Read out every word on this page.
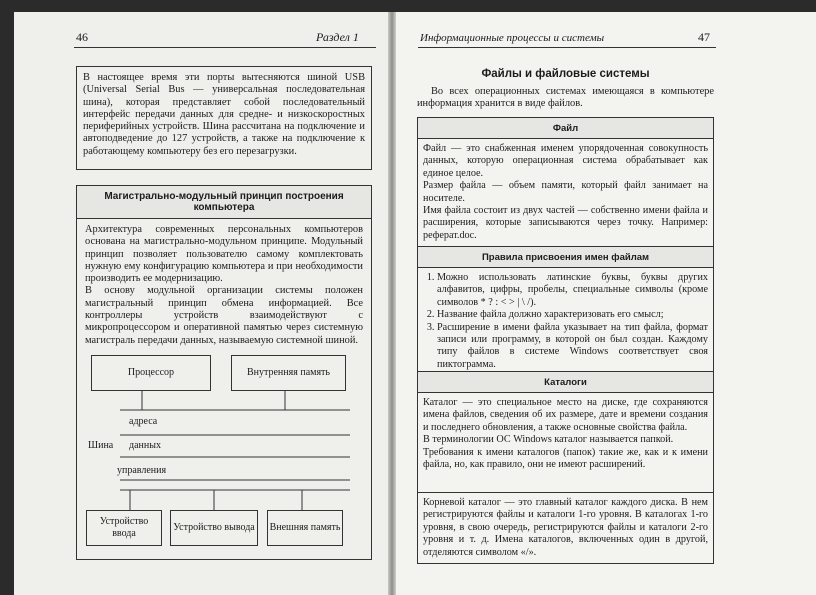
46	Раздел 1

В настоящее время эти порты вытесняются шиной USB (Universal Serial Bus — универсальная последовательная шина), которая представляет собой последовательный интерфейс передачи данных для средне- и низкоскоростных периферийных устройств. Шина рассчитана на подключение и автоподведение до 127 устройств, а также на подключение к работающему компьютеру без его перезагрузки.

Магистрально-модульный принцип построения компьютера

Архитектура современных персональных компьютеров основана на магистрально-модульном принципе. Модульный принцип позволяет пользователю самому комплектовать нужную ему конфигурацию компьютера и при необходимости производить ее модернизацию.

В основу модульной организации системы положен магистральный принцип обмена информацией. Все контроллеры устройств взаимодействуют с микропроцессором и оперативной памятью через системную магистраль передачи данных, называемую системной шиной.

Процессор	Внутренняя память
адреса
данных
Шина
управления
Устройство ввода
Устройство вывода	Внешняя память
Информационные процессы и системы	47
Файлы и файловые системы

Во всех операционных системах имеющаяся в компьютере информация хранится в виде файлов.

Файл

Файл — это снабженная именем упорядоченная совокупность данных, которую операционная система обрабатывает как единое целое.

Размер файла — объем памяти, который файл занимает на носителе.

Имя файла состоит из двух частей — собственно имени файла и расширения, которые записываются через точку. Например: реферат.doc.

Правила присвоения имен файлам
1. Можно использовать латинские буквы, буквы других алфавитов, цифры, пробелы, специальные символы (кроме символов * ? : < > | \ /).
2. Название файла должно характеризовать его смысл;
3. Расширение в имени файла указывает на тип файла, формат записи или программу, в которой он был создан. Каждому типу файлов в системе Windows соответствует своя пиктограмма.
Каталоги

Каталог — это специальное место на диске, где сохраняются имена файлов, сведения об их размере, дате и времени создания и последнего обновления, а также основные свойства файла.

В терминологии ОС Windows каталог называется папкой.

Требования к имени каталогов (папок) такие же, как и к имени файла, но, как правило, они не имеют расширений.

Корневой каталог — это главный каталог каждого диска. В нем регистрируются файлы и каталоги 1-го уровня. В каталогах 1-го уровня, в свою очередь, регистрируются файлы и каталоги 2-го уровня и т. д. Имена каталогов, включенных один в другой, отделяются символом «/».
